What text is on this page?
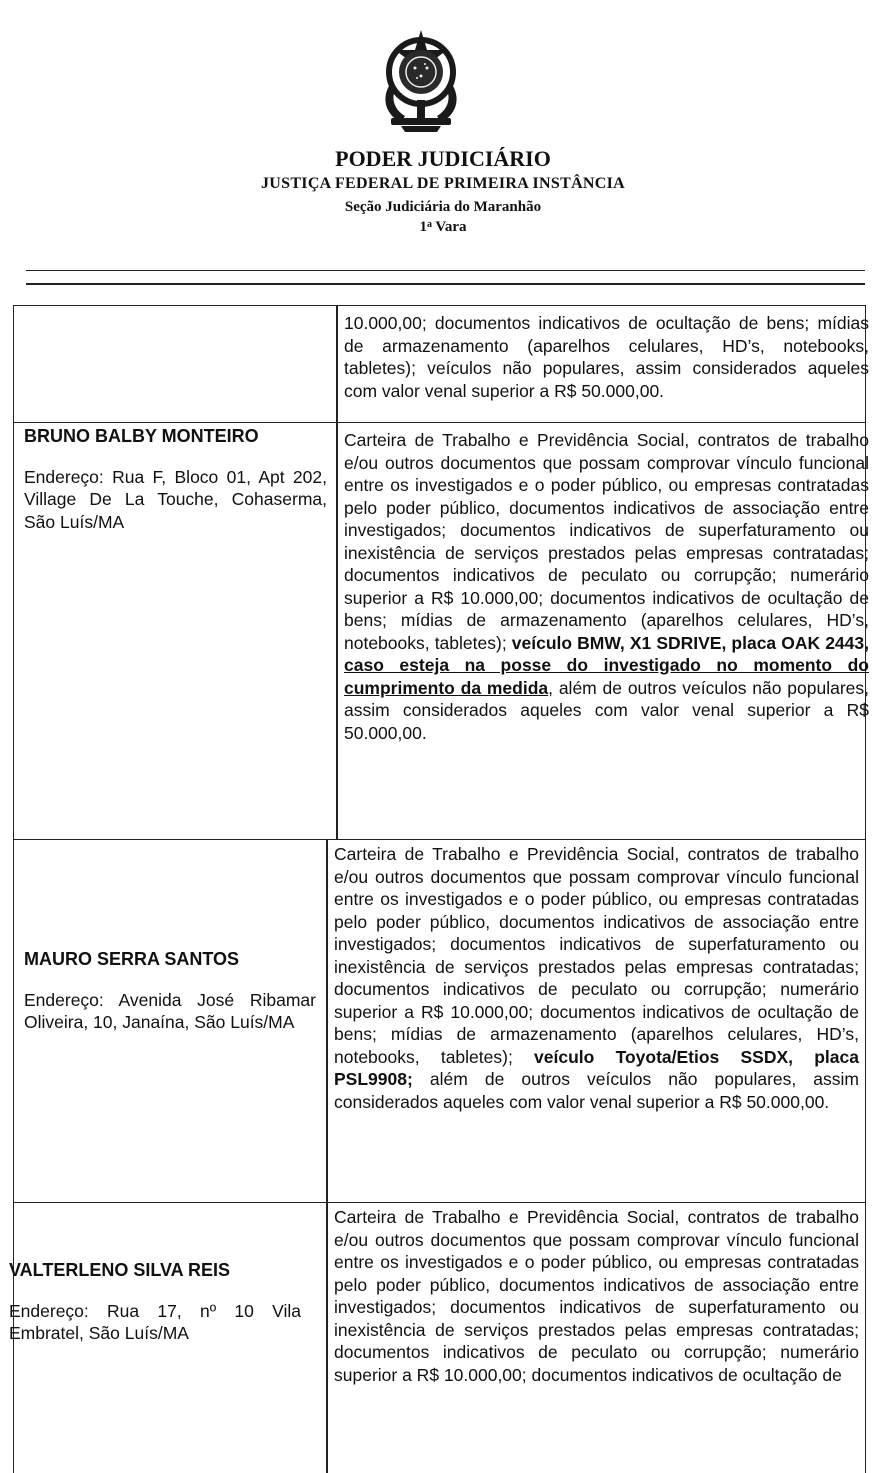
PODER JUDICIÁRIO
JUSTIÇA FEDERAL DE PRIMEIRA INSTÂNCIA
Seção Judiciária do Maranhão
1$^a$ Vara
10.000,00; documentos indicativos de ocultação de bens; mídias de armazenamento (aparelhos celulares, HD’s, notebooks, tabletes); veículos não populares, assim considerados aqueles com valor venal superior a R$ 50.000,00.
BRUNO BALBY MONTEIRO
Endereço: Rua F, Bloco 01, Apt 202, Village De La Touche, Cohaserma, São Luís/MA
Carteira de Trabalho e Previdência Social, contratos de trabalho e/ou outros documentos que possam comprovar vínculo funcional entre os investigados e o poder público, ou empresas contratadas pelo poder público, documentos indicativos de associação entre investigados; documentos indicativos de superfaturamento ou inexistência de serviços prestados pelas empresas contratadas; documentos indicativos de peculato ou corrupção; numerário superior a R$ 10.000,00; documentos indicativos de ocultação de bens; mídias de armazenamento (aparelhos celulares, HD’s, notebooks, tabletes); veículo BMW, X1 SDRIVE, placa OAK 2443, caso esteja na posse do investigado no momento do cumprimento da medida, além de outros veículos não populares, assim considerados aqueles com valor venal superior a R$ 50.000,00.
MAURO SERRA SANTOS
Endereço: Avenida José Ribamar Oliveira, 10, Janaína, São Luís/MA
Carteira de Trabalho e Previdência Social, contratos de trabalho e/ou outros documentos que possam comprovar vínculo funcional entre os investigados e o poder público, ou empresas contratadas pelo poder público, documentos indicativos de associação entre investigados; documentos indicativos de superfaturamento ou inexistência de serviços prestados pelas empresas contratadas; documentos indicativos de peculato ou corrupção; numerário superior a R$ 10.000,00; documentos indicativos de ocultação de bens; mídias de armazenamento (aparelhos celulares, HD’s, notebooks, tabletes); veículo Toyota/Etios SSDX, placa PSL9908; além de outros veículos não populares, assim considerados aqueles com valor venal superior a R$ 50.000,00.
VALTERLENO SILVA REIS
Endereço: Rua 17, nº 10 Vila Embratel, São Luís/MA
Carteira de Trabalho e Previdência Social, contratos de trabalho e/ou outros documentos que possam comprovar vínculo funcional entre os investigados e o poder público, ou empresas contratadas pelo poder público, documentos indicativos de associação entre investigados; documentos indicativos de superfaturamento ou inexistência de serviços prestados pelas empresas contratadas; documentos indicativos de peculato ou corrupção; numerário superior a R$ 10.000,00; documentos indicativos de ocultação de
